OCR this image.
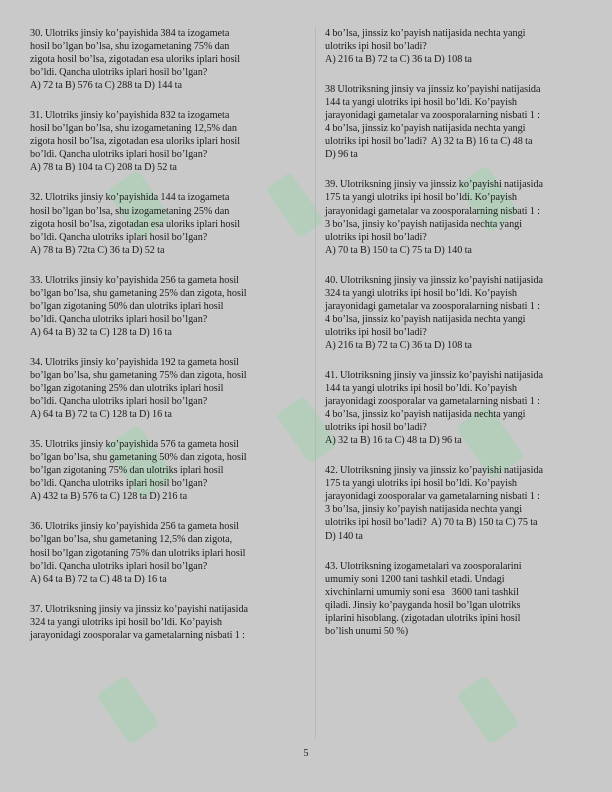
30. Ulotriks jinsiy ko’payishida 384 ta izogameta

hosil bo’lgan bo’lsa, shu izogametaning 75% dan

zigota hosil bo’lsa, zigotadan esa uloriks iplari hosil

bo’ldi. Qancha ulotriks iplari hosil bo’lgan?

A) 72 ta B) 576 ta C) 288 ta D) 144 ta

31. Ulotriks jinsiy ko’payishida 832 ta izogameta

hosil bo’lgan bo’lsa, shu izogametaning 12,5% dan

zigota hosil bo’lsa, zigotadan esa uloriks iplari hosil

bo’ldi. Qancha ulotriks iplari hosil bo’lgan?

A) 78 ta B) 104 ta C) 208 ta D) 52 ta

32. Ulotriks jinsiy ko’payishida 144 ta izogameta

hosil bo’lgan bo’lsa, shu izogametaning 25% dan

zigota hosil bo’lsa, zigotadan esa uloriks iplari hosil

bo’ldi. Qancha ulotriks iplari hosil bo’lgan?

A) 78 ta B) 72ta C) 36 ta D) 52 ta

33. Ulotriks jinsiy ko’payishida 256 ta gameta hosil

bo’lgan bo’lsa, shu gametaning 25% dan zigota, hosil

bo’lgan zigotaning 50% dan ulotriks iplari hosil

bo’ldi. Qancha ulotriks iplari hosil bo’lgan?

A) 64 ta B) 32 ta C) 128 ta D) 16 ta

34. Ulotriks jinsiy ko’payishida 192 ta gameta hosil

bo’lgan bo’lsa, shu gametaning 75% dan zigota, hosil

bo’lgan zigotaning 25% dan ulotriks iplari hosil

bo’ldi. Qancha ulotriks iplari hosil bo’lgan?

A) 64 ta B) 72 ta C) 128 ta D) 16 ta

35. Ulotriks jinsiy ko’payishida 576 ta gameta hosil

bo’lgan bo’lsa, shu gametaning 50% dan zigota, hosil

bo’lgan zigotaning 75% dan ulotriks iplari hosil

bo’ldi. Qancha ulotriks iplari hosil bo’lgan?

A) 432 ta B) 576 ta C) 128 ta D) 216 ta

36. Ulotriks jinsiy ko’payishida 256 ta gameta hosil

bo’lgan bo’lsa, shu gametaning 12,5% dan zigota,

hosil bo’lgan zigotaning 75% dan ulotriks iplari hosil

bo’ldi. Qancha ulotriks iplari hosil bo’lgan?

A) 64 ta B) 72 ta C) 48 ta D) 16 ta

37. Ulotriksning jinsiy va jinssiz ko’payishi natijasida

324 ta yangi ulotriks ipi hosil bo’ldi. Ko’payish

jarayonidagi zoosporalar va gametalarning nisbati 1 :

4 bo’lsa, jinssiz ko’payish natijasida nechta yangi

ulotriks ipi hosil bo’ladi?

A) 216 ta B) 72 ta C) 36 ta D) 108 ta

38 Ulotriksning jinsiy va jinssiz ko’payishi natijasida

144 ta yangi ulotriks ipi hosil bo’ldi. Ko’payish

jarayonidagi gametalar va zoosporalarning nisbati 1 :

4 bo’lsa, jinssiz ko’payish natijasida nechta yangi

ulotriks ipi hosil bo’ladi?  A) 32 ta B) 16 ta C) 48 ta

D) 96 ta

39. Ulotriksning jinsiy va jinssiz ko’payishi natijasida

175 ta yangi ulotriks ipi hosil bo’ldi. Ko’payish

jarayonidagi gametalar va zoosporalarning nisbati 1 :

3 bo’lsa, jinsiy ko’payish natijasida nechta yangi

ulotriks ipi hosil bo’ladi?

A) 70 ta B) 150 ta C) 75 ta D) 140 ta

40. Ulotriksning jinsiy va jinssiz ko’payishi natijasida

324 ta yangi ulotriks ipi hosil bo’ldi. Ko’payish

jarayonidagi gametalar va zoosporalarning nisbati 1 :

4 bo’lsa, jinssiz ko’payish natijasida nechta yangi

ulotriks ipi hosil bo’ladi?

A) 216 ta B) 72 ta C) 36 ta D) 108 ta

41. Ulotriksning jinsiy va jinssiz ko’payishi natijasida

144 ta yangi ulotriks ipi hosil bo’ldi. Ko’payish

jarayonidagi zoosporalar va gametalarning nisbati 1 :

4 bo’lsa, jinssiz ko’payish natijasida nechta yangi

ulotriks ipi hosil bo’ladi?

A) 32 ta B) 16 ta C) 48 ta D) 96 ta

42. Ulotriksning jinsiy va jinssiz ko’payishi natijasida

175 ta yangi ulotriks ipi hosil bo’ldi. Ko’payish

jarayonidagi zoosporalar va gametalarning nisbati 1 :

3 bo’lsa, jinsiy ko’payish natijasida nechta yangi

ulotriks ipi hosil bo’ladi?  A) 70 ta B) 150 ta C) 75 ta

D) 140 ta

43. Ulotriksning izogametalari va zoosporalarini

umumiy soni 1200 tani tashkil etadi. Undagi

xivchinlarni umumiy soni esa   3600 tani tashkil

qiladi. Jinsiy ko’payganda hosil bo’lgan ulotriks

iplarini hisoblang. (zigotadan ulotriks ipini hosil

bo’lish unumi 50 %)

5
